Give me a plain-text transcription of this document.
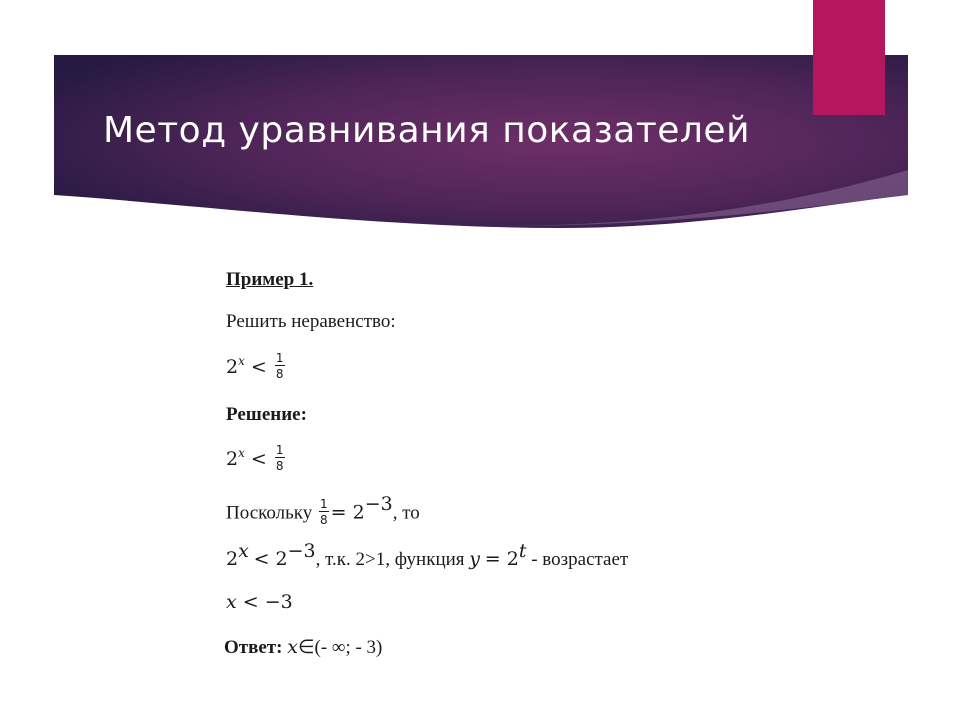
Метод уравнивания показателей
Пример 1.
Решить неравенство:
$2^x < \frac{1}{8}$
Решение:
$2^x < \frac{1}{8}$
Поскольку $\frac{1}{8} = 2^{-3}$, то
$2^x < 2^{-3}$, т.к. 2>1, функция $y = 2^t$ - возрастает
x < −3
Ответ: x∈(- ∞; - 3)
